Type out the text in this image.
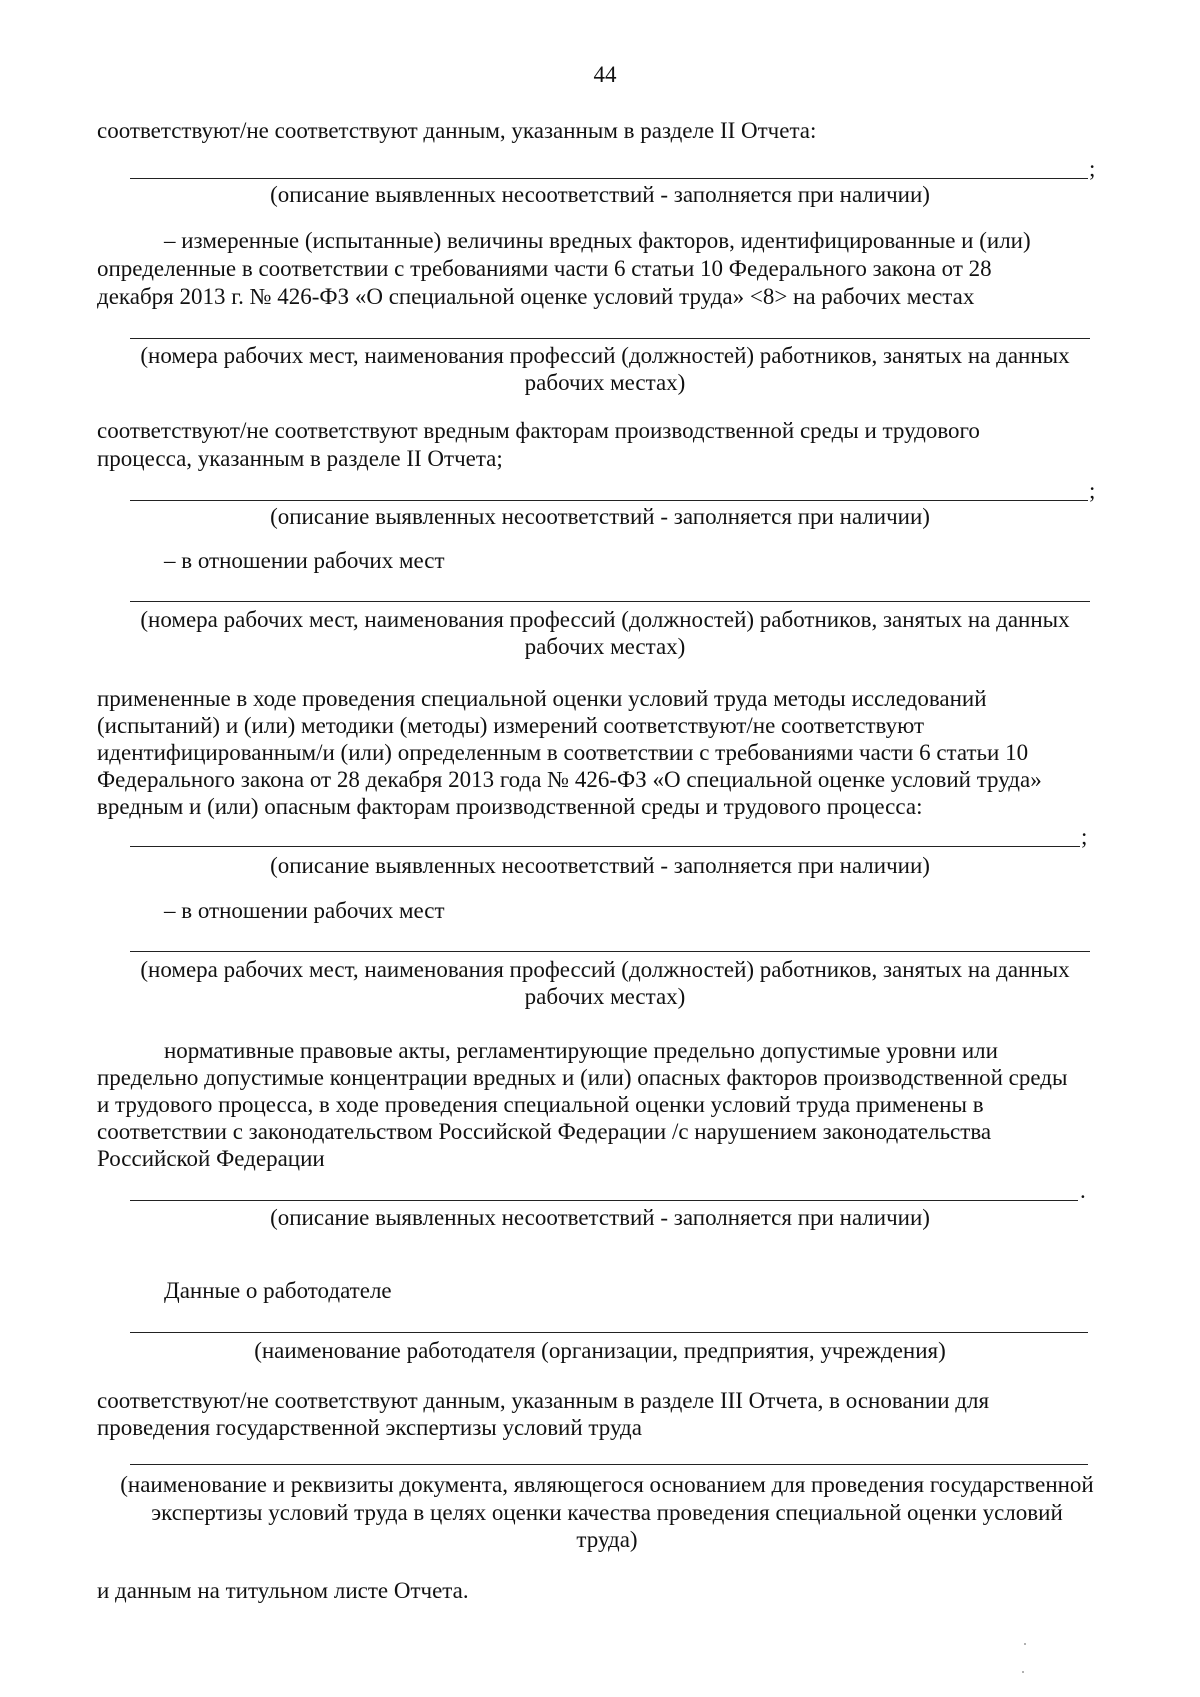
44

соответствуют/не соответствуют данным, указанным в разделе II Отчета:

;

(описание выявленных несоответствий - заполняется при наличии)

– измеренные (испытанные) величины вредных факторов, идентифицированные и (или)

определенные в соответствии с требованиями части 6 статьи 10 Федерального закона от 28

декабря 2013 г. № 426-ФЗ «О специальной оценке условий труда» <8> на рабочих местах

(номера рабочих мест, наименования профессий (должностей) работников, занятых на данных

рабочих местах)

соответствуют/не соответствуют вредным факторам производственной среды и трудового

процесса, указанным в разделе II Отчета;

;

(описание выявленных несоответствий - заполняется при наличии)

– в отношении рабочих мест

(номера рабочих мест, наименования профессий (должностей) работников, занятых на данных

рабочих местах)

примененные в ходе проведения специальной оценки условий труда методы исследований

(испытаний) и (или) методики (методы) измерений соответствуют/не соответствуют

идентифицированным/и (или) определенным в соответствии с требованиями части 6 статьи 10

Федерального закона от 28 декабря 2013 года № 426-ФЗ «О специальной оценке условий труда»

вредным и (или) опасным факторам производственной среды и трудового процесса:

;

(описание выявленных несоответствий - заполняется при наличии)

– в отношении рабочих мест

(номера рабочих мест, наименования профессий (должностей) работников, занятых на данных

рабочих местах)

нормативные правовые акты, регламентирующие предельно допустимые уровни или

предельно допустимые концентрации вредных и (или) опасных факторов производственной среды

и трудового процесса, в ходе проведения специальной оценки условий труда применены в

соответствии с законодательством Российской Федерации /с нарушением законодательства

Российской Федерации

.

(описание выявленных несоответствий - заполняется при наличии)

Данные о работодателе

(наименование работодателя (организации, предприятия, учреждения)

соответствуют/не соответствуют данным, указанным в разделе III Отчета, в основании для

проведения государственной экспертизы условий труда

(наименование и реквизиты документа, являющегося основанием для проведения государственной

экспертизы условий труда в целях оценки качества проведения специальной оценки условий

труда)

и данным на титульном листе Отчета.
